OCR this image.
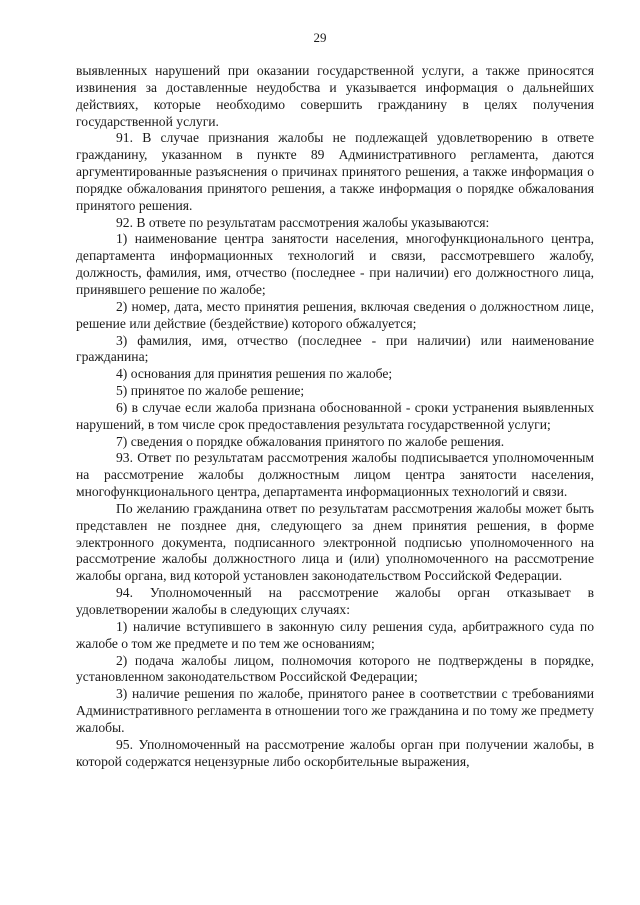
29

выявленных нарушений при оказании государственной услуги, а также приносятся извинения за доставленные неудобства и указывается информация о дальнейших действиях, которые необходимо совершить гражданину в целях получения государственной услуги.

91. В случае признания жалобы не подлежащей удовлетворению в ответе гражданину, указанном в пункте 89 Административного регламента, даются аргументированные разъяснения о причинах принятого решения, а также информация о порядке обжалования принятого решения, а также информация о порядке обжалования принятого решения.

92. В ответе по результатам рассмотрения жалобы указываются:

1) наименование центра занятости населения, многофункционального центра, департамента информационных технологий и связи, рассмотревшего жалобу, должность, фамилия, имя, отчество (последнее - при наличии) его должностного лица, принявшего решение по жалобе;

2) номер, дата, место принятия решения, включая сведения о должностном лице, решение или действие (бездействие) которого обжалуется;

3) фамилия, имя, отчество (последнее - при наличии) или наименование гражданина;

4) основания для принятия решения по жалобе;

5) принятое по жалобе решение;

6) в случае если жалоба признана обоснованной - сроки устранения выявленных нарушений, в том числе срок предоставления результата государственной услуги;

7) сведения о порядке обжалования принятого по жалобе решения.

93. Ответ по результатам рассмотрения жалобы подписывается уполномоченным на рассмотрение жалобы должностным лицом центра занятости населения, многофункционального центра, департамента информационных технологий и связи.

По желанию гражданина ответ по результатам рассмотрения жалобы может быть представлен не позднее дня, следующего за днем принятия решения, в форме электронного документа, подписанного электронной подписью уполномоченного на рассмотрение жалобы должностного лица и (или) уполномоченного на рассмотрение жалобы органа, вид которой установлен законодательством Российской Федерации.

94. Уполномоченный на рассмотрение жалобы орган отказывает в удовлетворении жалобы в следующих случаях:

1) наличие вступившего в законную силу решения суда, арбитражного суда по жалобе о том же предмете и по тем же основаниям;

2) подача жалобы лицом, полномочия которого не подтверждены в порядке, установленном законодательством Российской Федерации;

3) наличие решения по жалобе, принятого ранее в соответствии с требованиями Административного регламента в отношении того же гражданина и по тому же предмету жалобы.

95. Уполномоченный на рассмотрение жалобы орган при получении жалобы, в которой содержатся нецензурные либо оскорбительные выражения,
